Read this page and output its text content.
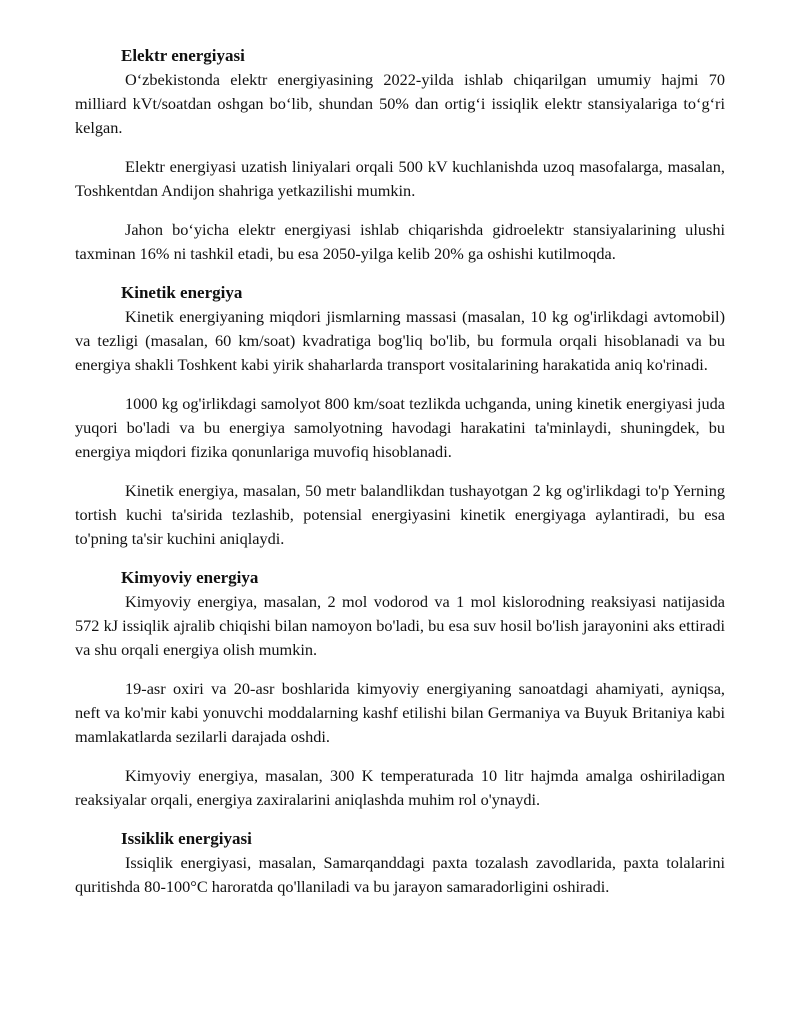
Elektr energiyasi

O‘zbekistonda elektr energiyasining 2022-yilda ishlab chiqarilgan umumiy hajmi 70 milliard kVt/soatdan oshgan bo‘lib, shundan 50% dan ortig‘i issiqlik elektr stansiyalariga to‘g‘ri kelgan.

Elektr energiyasi uzatish liniyalari orqali 500 kV kuchlanishda uzoq masofalarga, masalan, Toshkentdan Andijon shahriga yetkazilishi mumkin.

Jahon bo‘yicha elektr energiyasi ishlab chiqarishda gidroelektr stansiyalarining ulushi taxminan 16% ni tashkil etadi, bu esa 2050-yilga kelib 20% ga oshishi kutilmoqda.

Kinetik energiya

Kinetik energiyaning miqdori jismlarning massasi (masalan, 10 kg og'irlikdagi avtomobil) va tezligi (masalan, 60 km/soat) kvadratiga bog'liq bo'lib, bu formula orqali hisoblanadi va bu energiya shakli Toshkent kabi yirik shaharlarda transport vositalarining harakatida aniq ko'rinadi.

1000 kg og'irlikdagi samolyot 800 km/soat tezlikda uchganda, uning kinetik energiyasi juda yuqori bo'ladi va bu energiya samolyotning havodagi harakatini ta'minlaydi, shuningdek, bu energiya miqdori fizika qonunlariga muvofiq hisoblanadi.

Kinetik energiya, masalan, 50 metr balandlikdan tushayotgan 2 kg og'irlikdagi to'p Yerning tortish kuchi ta'sirida tezlashib, potensial energiyasini kinetik energiyaga aylantiradi, bu esa to'pning ta'sir kuchini aniqlaydi.

Kimyoviy energiya

Kimyoviy energiya, masalan, 2 mol vodorod va 1 mol kislorodning reaksiyasi natijasida 572 kJ issiqlik ajralib chiqishi bilan namoyon bo'ladi, bu esa suv hosil bo'lish jarayonini aks ettiradi va shu orqali energiya olish mumkin.

19-asr oxiri va 20-asr boshlarida kimyoviy energiyaning sanoatdagi ahamiyati, ayniqsa, neft va ko'mir kabi yonuvchi moddalarning kashf etilishi bilan Germaniya va Buyuk Britaniya kabi mamlakatlarda sezilarli darajada oshdi.

Kimyoviy energiya, masalan, 300 K temperaturada 10 litr hajmda amalga oshiriladigan reaksiyalar orqali, energiya zaxiralarini aniqlashda muhim rol o'ynaydi.

Issiklik energiyasi

Issiqlik energiyasi, masalan, Samarqanddagi paxta tozalash zavodlarida, paxta tolalarini quritishda 80-100°C haroratda qo'llaniladi va bu jarayon samaradorligini oshiradi.
